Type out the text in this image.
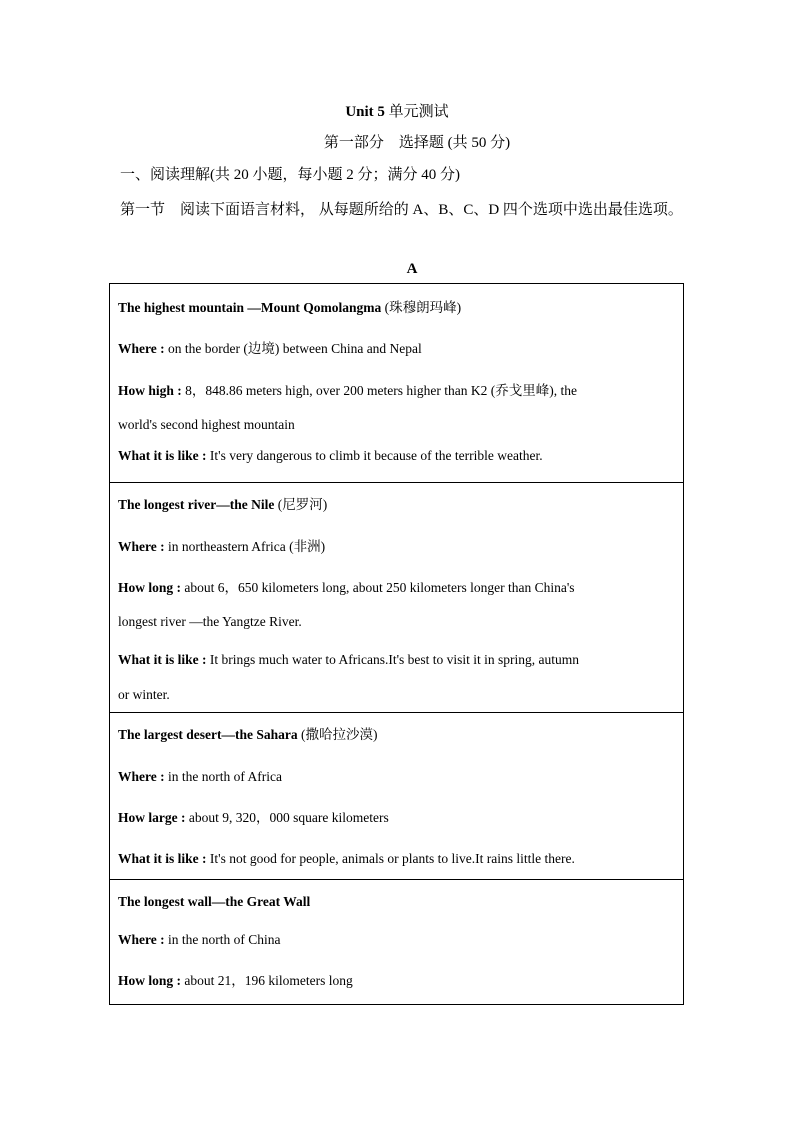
Unit 5 单元测试
第一部分　选择题 (共 50 分)
一、阅读理解(共 20 小题，每小题 2 分；满分 40 分)
第一节　阅读下面语言材料， 从每题所给的 A、B、C、D 四个选项中选出最佳选项。
A
The highest mountain —Mount Qomolangma (珠穆朗玛峰)
Where : on the border (边境) between China and Nepal
How high : 8，848.86 meters high, over 200 meters higher than K2 (乔戈里峰), the
world's second highest mountain
What it is like : It's very dangerous to climb it because of the terrible weather.
The longest river—the Nile (尼罗河)
Where : in northeastern Africa (非洲)
How long : about 6，650 kilometers long, about 250 kilometers longer than China's
longest river —the Yangtze River.
What it is like : It brings much water to Africans.It's best to visit it in spring, autumn
or winter.
The largest desert—the Sahara (撒哈拉沙漠)
Where : in the north of Africa
How large : about 9, 320，000 square kilometers
What it is like : It's not good for people, animals or plants to live.It rains little there.
The longest wall—the Great Wall
Where : in the north of China
How long : about 21，196 kilometers long
